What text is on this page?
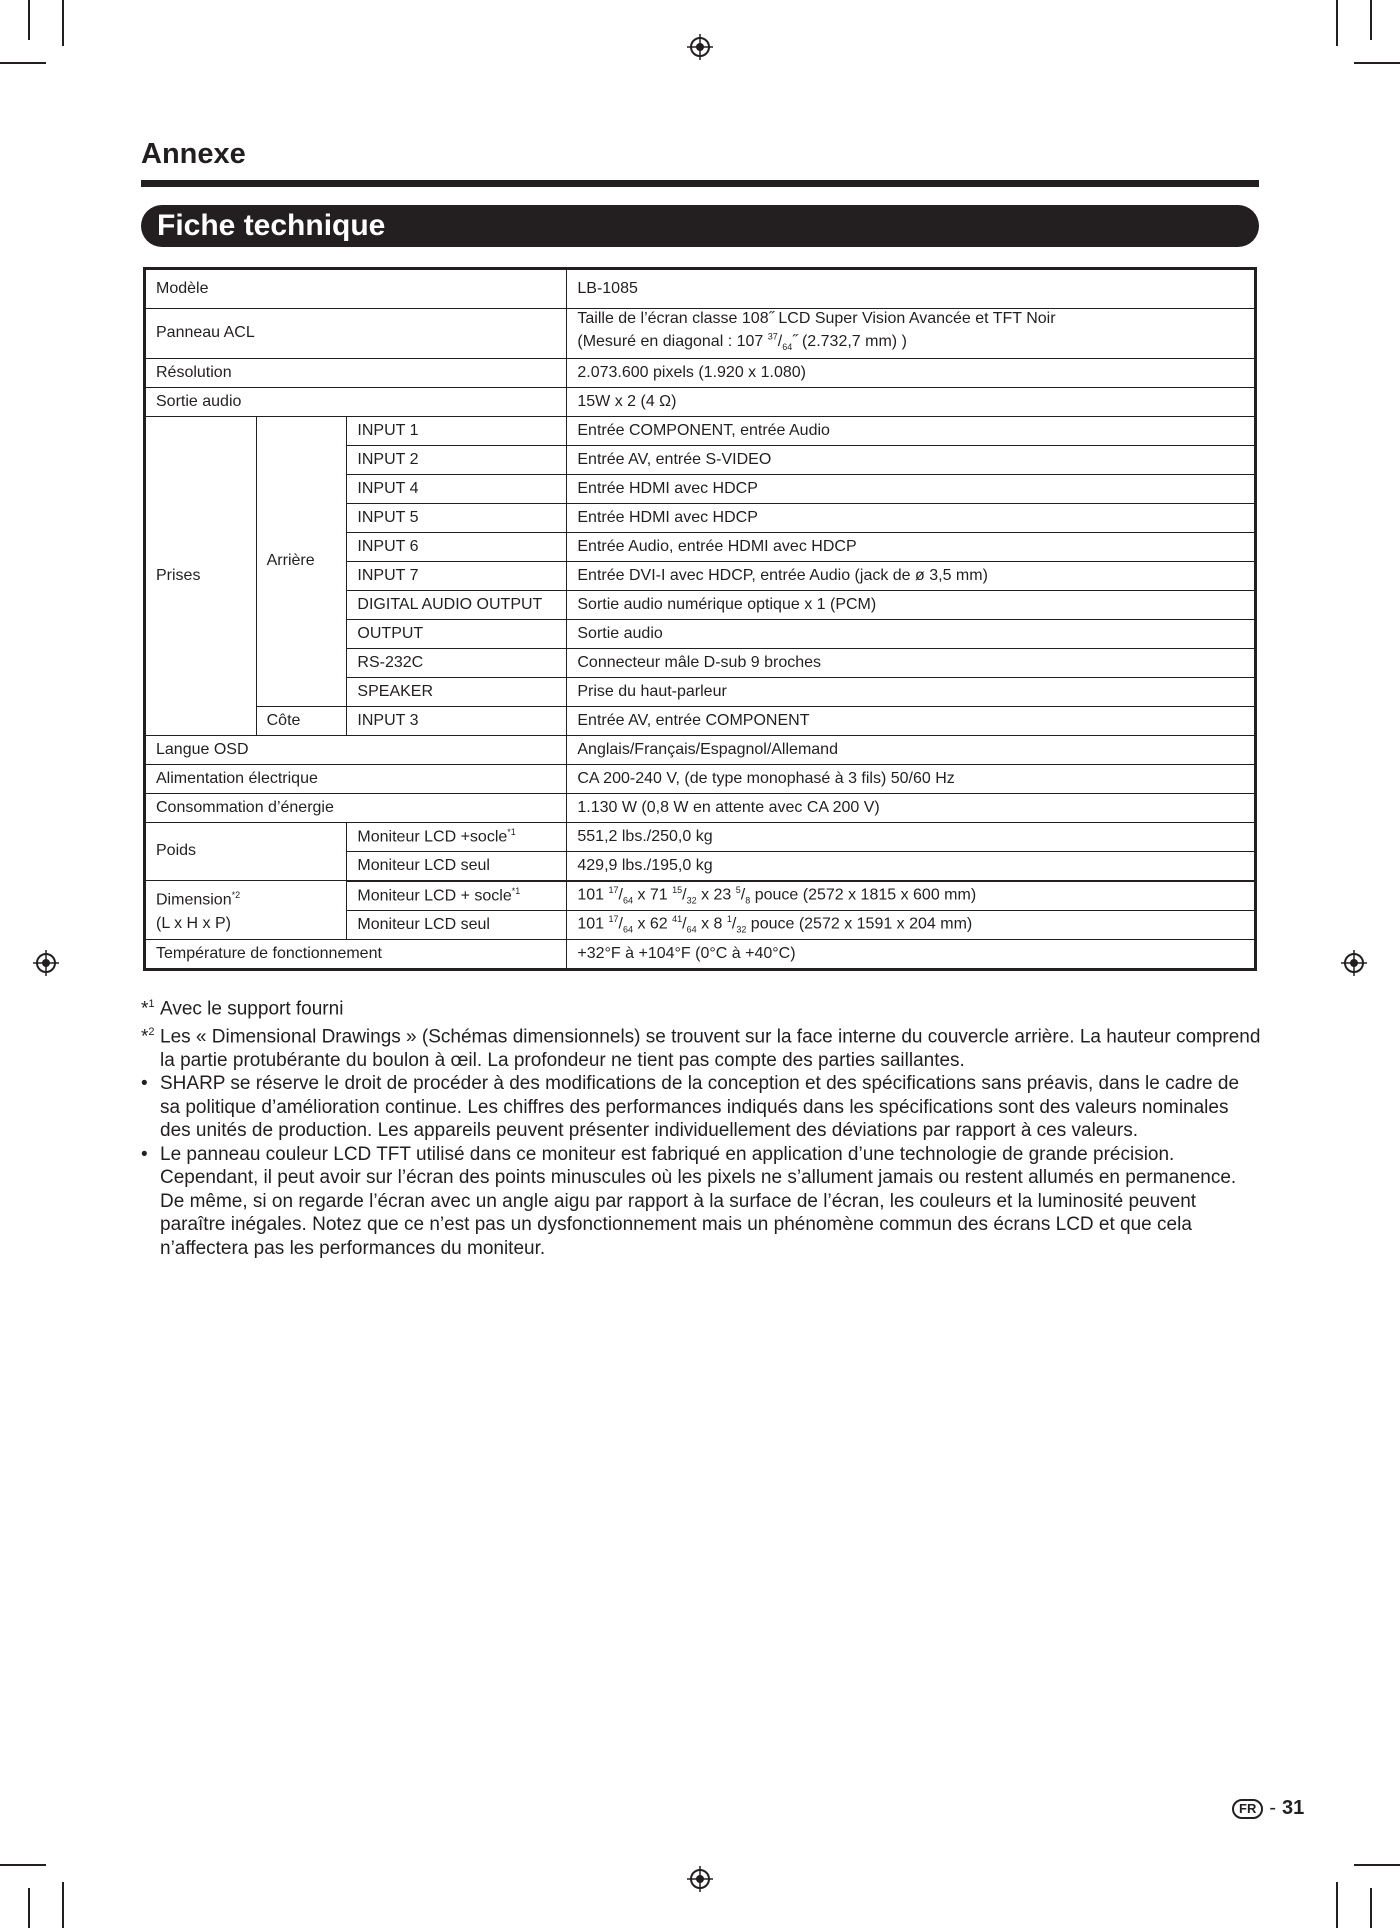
Annexe
Fiche technique
Modèle			LB-1085
Panneau ACL			Taille de l’écran classe 108˝ LCD Super Vision Avancée et TFT Noir
(Mesuré en diagonal : 107 $^{37}/_{64}˝$ (2.732,7 mm) )
Résolution			2.073.600 pixels (1.920 x 1.080)
Sortie audio			15W x 2 (4 Ω)
Prises	Arrière	INPUT 1	Entrée COMPONENT, entrée Audio
		INPUT 2	Entrée AV, entrée S-VIDEO
		INPUT 4	Entrée HDMI avec HDCP
		INPUT 5	Entrée HDMI avec HDCP
		INPUT 6	Entrée Audio, entrée HDMI avec HDCP
		INPUT 7	Entrée DVI-I avec HDCP, entrée Audio (jack de ø 3,5 mm)
		DIGITAL AUDIO OUTPUT	Sortie audio numérique optique x 1 (PCM)
		OUTPUT	Sortie audio
		RS-232C	Connecteur mâle D-sub 9 broches
		SPEAKER	Prise du haut-parleur
	Côte	INPUT 3	Entrée AV, entrée COMPONENT
Langue OSD			Anglais/Français/Espagnol/Allemand
Alimentation électrique			CA 200-240 V, (de type monophasé à 3 fils) 50/60 Hz
Consommation d’énergie			1.130 W (0,8 W en attente avec CA 200 V)
Poids		Moniteur LCD +socle$^{*1}$	551,2 lbs./250,0 kg
		Moniteur LCD seul	429,9 lbs./195,0 kg
Dimension$^{*2}$
(L x H x P)		Moniteur LCD + socle$^{*1}$	101 $^{17}/_{64}$ x 71 $^{15}/_{32}$ x 23 $^5/_8$ pouce (2572 x 1815 x 600 mm)
		Moniteur LCD seul	101 $^{17}/_{64}$ x 62 $^{41}/_{64}$ x 8 $^1/_{32}$ pouce (2572 x 1591 x 204 mm)
Température de fonctionnement			+32°F à +104°F (0°C à +40°C)

*$^1$ Avec le support fourni

*$^2$ Les « Dimensional Drawings » (Schémas dimensionnels) se trouvent sur la face interne du couvercle arrière. La hauteur comprend la partie protubérante du boulon à œil. La profondeur ne tient pas compte des parties saillantes.

• SHARP se réserve le droit de procéder à des modifications de la conception et des spécifications sans préavis, dans le cadre de sa politique d’amélioration continue. Les chiffres des performances indiqués dans les spécifications sont des valeurs nominales des unités de production. Les appareils peuvent présenter individuellement des déviations par rapport à ces valeurs.

• Le panneau couleur LCD TFT utilisé dans ce moniteur est fabriqué en application d’une technologie de grande précision. Cependant, il peut avoir sur l’écran des points minuscules où les pixels ne s’allument jamais ou restent allumés en permanence. De même, si on regarde l’écran avec un angle aigu par rapport à la surface de l’écran, les couleurs et la luminosité peuvent paraître inégales. Notez que ce n’est pas un dysfonctionnement mais un phénomène commun des écrans LCD et que cela n’affectera pas les performances du moniteur.

FR - 31
